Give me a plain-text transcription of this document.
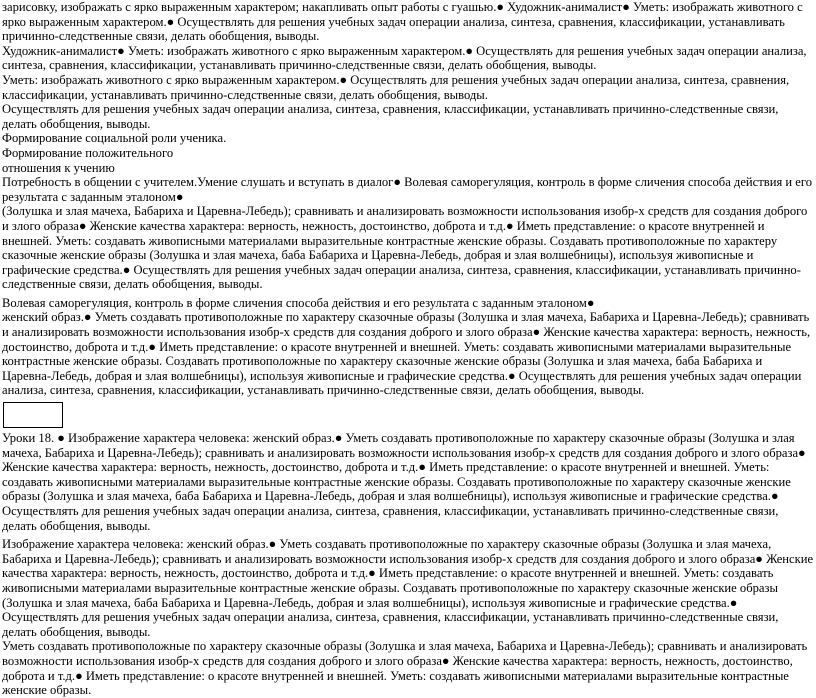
зарисовку, изображать с ярко выраженным характером; накапливать опыт работы с гуашью.● Художник-анималист● Уметь: изображать животного с ярко выраженным характером.● Осуществлять для решения учебных задач операции анализа, синтеза, сравнения, классификации, устанавливать причинно-следственные связи, делать обобщения, выводы.

Художник-анималист● Уметь: изображать животного с ярко выраженным характером.● Осуществлять для решения учебных задач операции анализа, синтеза, сравнения, классификации, устанавливать причинно-следственные связи, делать обобщения, выводы.

Уметь: изображать животного с ярко выраженным характером.● Осуществлять для решения учебных задач операции анализа, синтеза, сравнения, классификации, устанавливать причинно-следственные связи, делать обобщения, выводы.

Осуществлять для решения учебных задач операции анализа, синтеза, сравнения, классификации, устанавливать причинно-следственные связи, делать обобщения, выводы.

Формирование социальной роли ученика.

Формирование положительного

отношения к учению

Потребность в общении с учителем.Умение слушать и вступать в диалог● Волевая саморегуляция, контроль в форме сличения способа действия и его результата с заданным эталоном●

(Золушка и злая мачеха, Бабариха и Царевна-Лебедь); сравнивать и анализировать возможности использования изобр-х средств для создания доброго и злого образа● Женские качества характера: верность, нежность, достоинство, доброта и т.д.● Иметь представление: о красоте внутренней и внешней. Уметь: создавать живописными материалами выразительные контрастные женские образы. Создавать противоположные по характеру сказочные женские образы (Золушка и злая мачеха, баба Бабариха и Царевна-Лебедь, добрая и злая волшебницы), используя живописные и графические средства.● Осуществлять для решения учебных задач операции анализа, синтеза, сравнения, классификации, устанавливать причинно-следственные связи, делать обобщения, выводы.

Волевая саморегуляция, контроль в форме сличения способа действия и его результата с заданным эталоном●

женский образ.● Уметь создавать противоположные по характеру сказочные образы (Золушка и злая мачеха, Бабариха и Царевна-Лебедь); сравнивать и анализировать возможности использования изобр-х средств для создания доброго и злого образа● Женские качества характера: верность, нежность, достоинство, доброта и т.д.● Иметь представление: о красоте внутренней и внешней. Уметь: создавать живописными материалами выразительные контрастные женские образы. Создавать противоположные по характеру сказочные женские образы (Золушка и злая мачеха, баба Бабариха и Царевна-Лебедь, добрая и злая волшебницы), используя живописные и графические средства.● Осуществлять для решения учебных задач операции анализа, синтеза, сравнения, классификации, устанавливать причинно-следственные связи, делать обобщения, выводы.

Уроки 18. ● Изображение характера человека: женский образ.● Уметь создавать противоположные по характеру сказочные образы (Золушка и злая мачеха, Бабариха и Царевна-Лебедь); сравнивать и анализировать возможности использования изобр-х средств для создания доброго и злого образа● Женские качества характера: верность, нежность, достоинство, доброта и т.д.● Иметь представление: о красоте внутренней и внешней. Уметь: создавать живописными материалами выразительные контрастные женские образы. Создавать противоположные по характеру сказочные женские образы (Золушка и злая мачеха, баба Бабариха и Царевна-Лебедь, добрая и злая волшебницы), используя живописные и графические средства.● Осуществлять для решения учебных задач операции анализа, синтеза, сравнения, классификации, устанавливать причинно-следственные связи, делать обобщения, выводы.

Изображение характера человека: женский образ.● Уметь создавать противоположные по характеру сказочные образы (Золушка и злая мачеха, Бабариха и Царевна-Лебедь); сравнивать и анализировать возможности использования изобр-х средств для создания доброго и злого образа● Женские качества характера: верность, нежность, достоинство, доброта и т.д.● Иметь представление: о красоте внутренней и внешней. Уметь: создавать живописными материалами выразительные контрастные женские образы. Создавать противоположные по характеру сказочные женские образы (Золушка и злая мачеха, баба Бабариха и Царевна-Лебедь, добрая и злая волшебницы), используя живописные и графические средства.● Осуществлять для решения учебных задач операции анализа, синтеза, сравнения, классификации, устанавливать причинно-следственные связи, делать обобщения, выводы.

Уметь создавать противоположные по характеру сказочные образы (Золушка и злая мачеха, Бабариха и Царевна-Лебедь); сравнивать и анализировать возможности использования изобр-х средств для создания доброго и злого образа● Женские качества характера: верность, нежность, достоинство, доброта и т.д.● Иметь представление: о красоте внутренней и внешней. Уметь: создавать живописными материалами выразительные контрастные женские образы.
